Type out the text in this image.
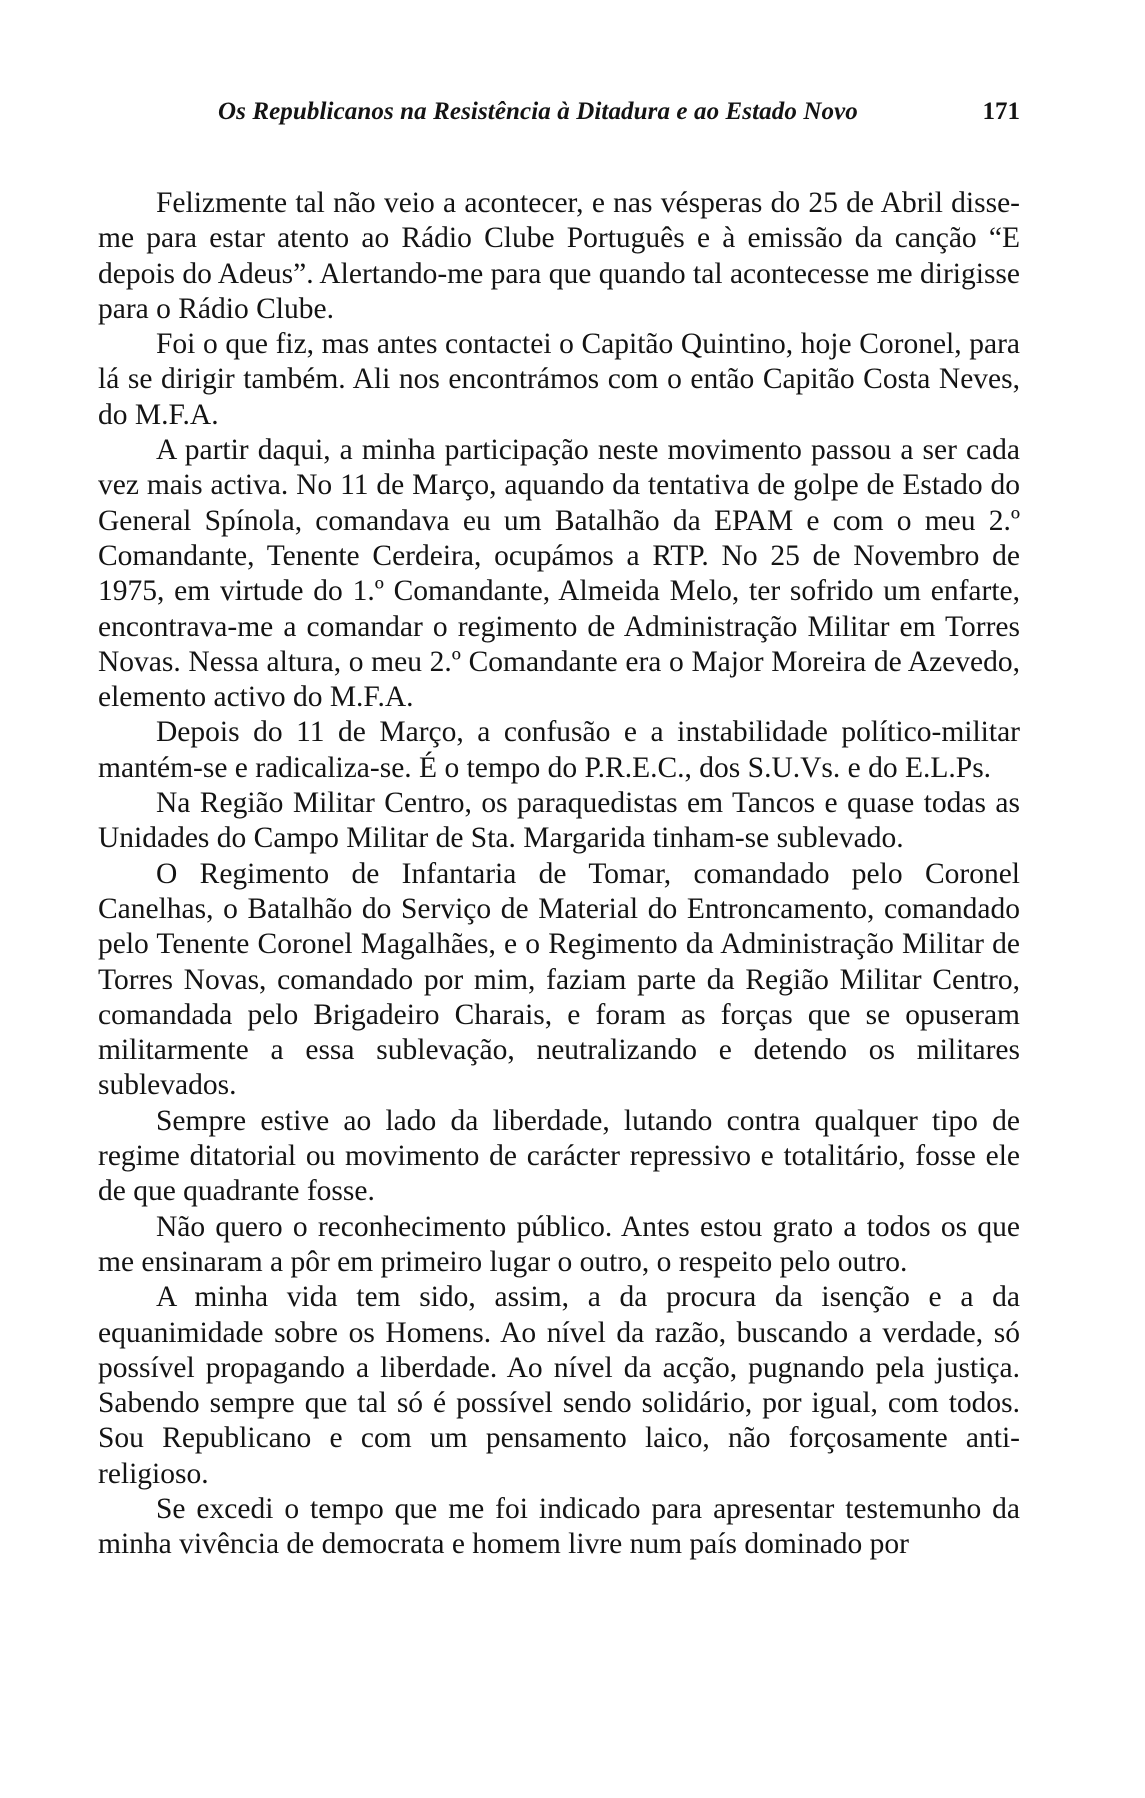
Os Republicanos na Resistência à Ditadura e ao Estado Novo	171

Felizmente tal não veio a acontecer, e nas vésperas do 25 de Abril disse-me para estar atento ao Rádio Clube Português e à emissão da canção “E depois do Adeus”. Alertando-me para que quando tal acontecesse me dirigisse para o Rádio Clube.

Foi o que fiz, mas antes contactei o Capitão Quintino, hoje Coronel, para lá se dirigir também. Ali nos encontrámos com o então Capitão Costa Neves, do M.F.A.

A partir daqui, a minha participação neste movimento passou a ser cada vez mais activa. No 11 de Março, aquando da tentativa de golpe de Estado do General Spínola, comandava eu um Batalhão da EPAM e com o meu 2.º Comandante, Tenente Cerdeira, ocupámos a RTP. No 25 de Novembro de 1975, em virtude do 1.º Comandante, Almeida Melo, ter sofrido um enfarte, encontrava-me a comandar o regimento de Administração Militar em Torres Novas. Nessa altura, o meu 2.º Comandante era o Major Moreira de Azevedo, elemento activo do M.F.A.

Depois do 11 de Março, a confusão e a instabilidade político-militar mantém-se e radicaliza-se. É o tempo do P.R.E.C., dos S.U.Vs. e do E.L.Ps.

Na Região Militar Centro, os paraquedistas em Tancos e quase todas as Unidades do Campo Militar de Sta. Margarida tinham-se sublevado.

O Regimento de Infantaria de Tomar, comandado pelo Coronel Canelhas, o Batalhão do Serviço de Material do Entroncamento, comandado pelo Tenente Coronel Magalhães, e o Regimento da Administração Militar de Torres Novas, comandado por mim, faziam parte da Região Militar Centro, comandada pelo Brigadeiro Charais, e foram as forças que se opuseram militarmente a essa sublevação, neutralizando e detendo os militares sublevados.

Sempre estive ao lado da liberdade, lutando contra qualquer tipo de regime ditatorial ou movimento de carácter repressivo e totalitário, fosse ele de que quadrante fosse.

Não quero o reconhecimento público. Antes estou grato a todos os que me ensinaram a pôr em primeiro lugar o outro, o respeito pelo outro.

A minha vida tem sido, assim, a da procura da isenção e a da equanimidade sobre os Homens. Ao nível da razão, buscando a verdade, só possível propagando a liberdade. Ao nível da acção, pugnando pela justiça. Sabendo sempre que tal só é possível sendo solidário, por igual, com todos. Sou Republicano e com um pensamento laico, não forçosamente anti-religioso.

Se excedi o tempo que me foi indicado para apresentar testemunho da minha vivência de democrata e homem livre num país dominado por
